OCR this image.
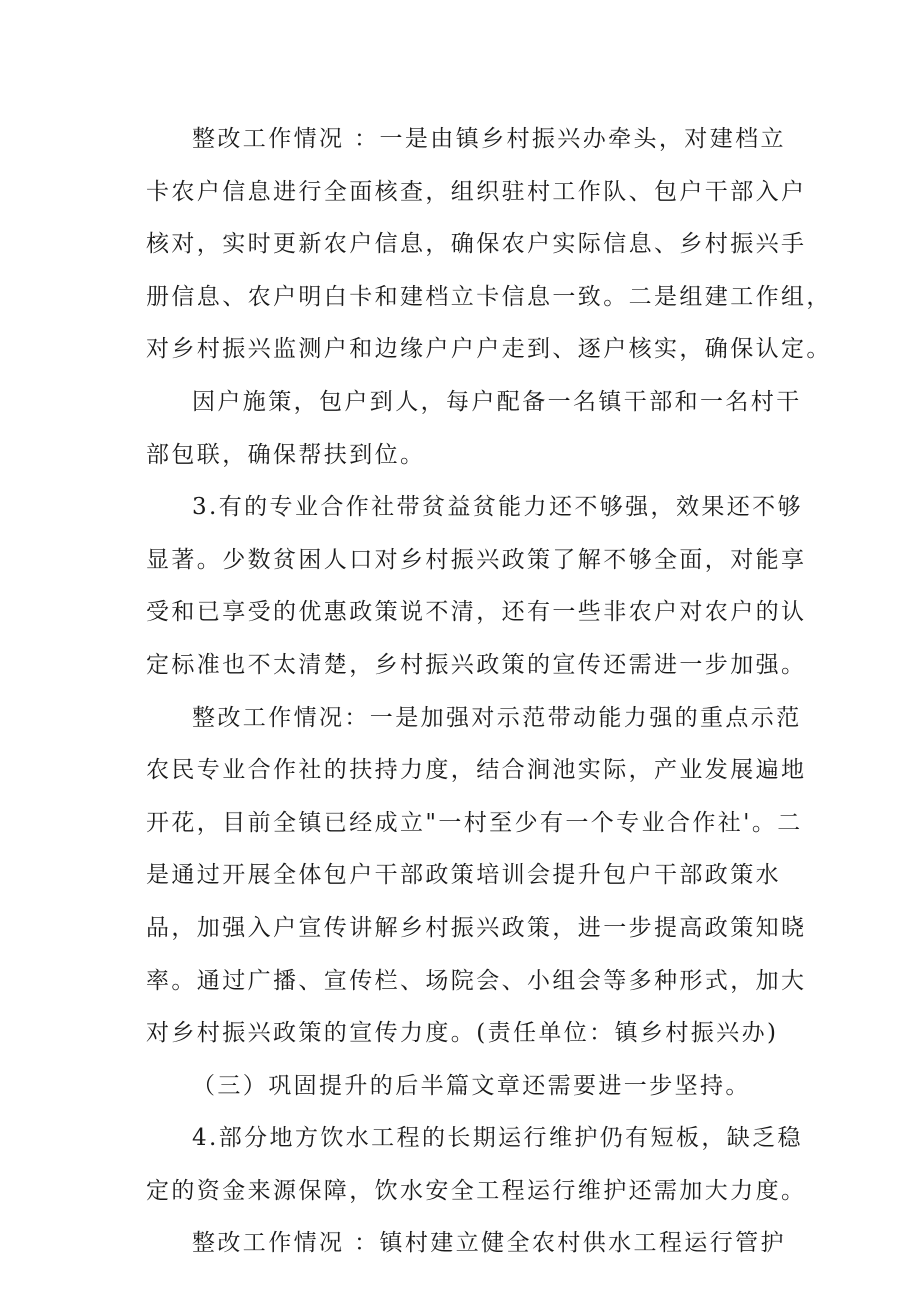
整改工作情况 ：一是由镇乡村振兴办牵头，对建档立
卡农户信息进行全面核查，组织驻村工作队、包户干部入户
核对，实时更新农户信息，确保农户实际信息、乡村振兴手
册信息、农户明白卡和建档立卡信息一致。二是组建工作组，
对乡村振兴监测户和边缘户户户走到、逐户核实，确保认定。
因户施策，包户到人，每户配备一名镇干部和一名村干
部包联，确保帮扶到位。
3.有的专业合作社带贫益贫能力还不够强，效果还不够
显著。少数贫困人口对乡村振兴政策了解不够全面，对能享
受和已享受的优惠政策说不清，还有一些非农户对农户的认
定标准也不太清楚，乡村振兴政策的宣传还需进一步加强。
整改工作情况：一是加强对示范带动能力强的重点示范
农民专业合作社的扶持力度，结合涧池实际，产业发展遍地
开花，目前全镇已经成立"一村至少有一个专业合作社'。二
是通过开展全体包户干部政策培训会提升包户干部政策水
品，加强入户宣传讲解乡村振兴政策，进一步提高政策知晓
率。通过广播、宣传栏、场院会、小组会等多种形式，加大
对乡村振兴政策的宣传力度。(责任单位：镇乡村振兴办)
（三）巩固提升的后半篇文章还需要进一步坚持。
4.部分地方饮水工程的长期运行维护仍有短板，缺乏稳
定的资金来源保障，饮水安全工程运行维护还需加大力度。
整改工作情况 ：镇村建立健全农村供水工程运行管护
